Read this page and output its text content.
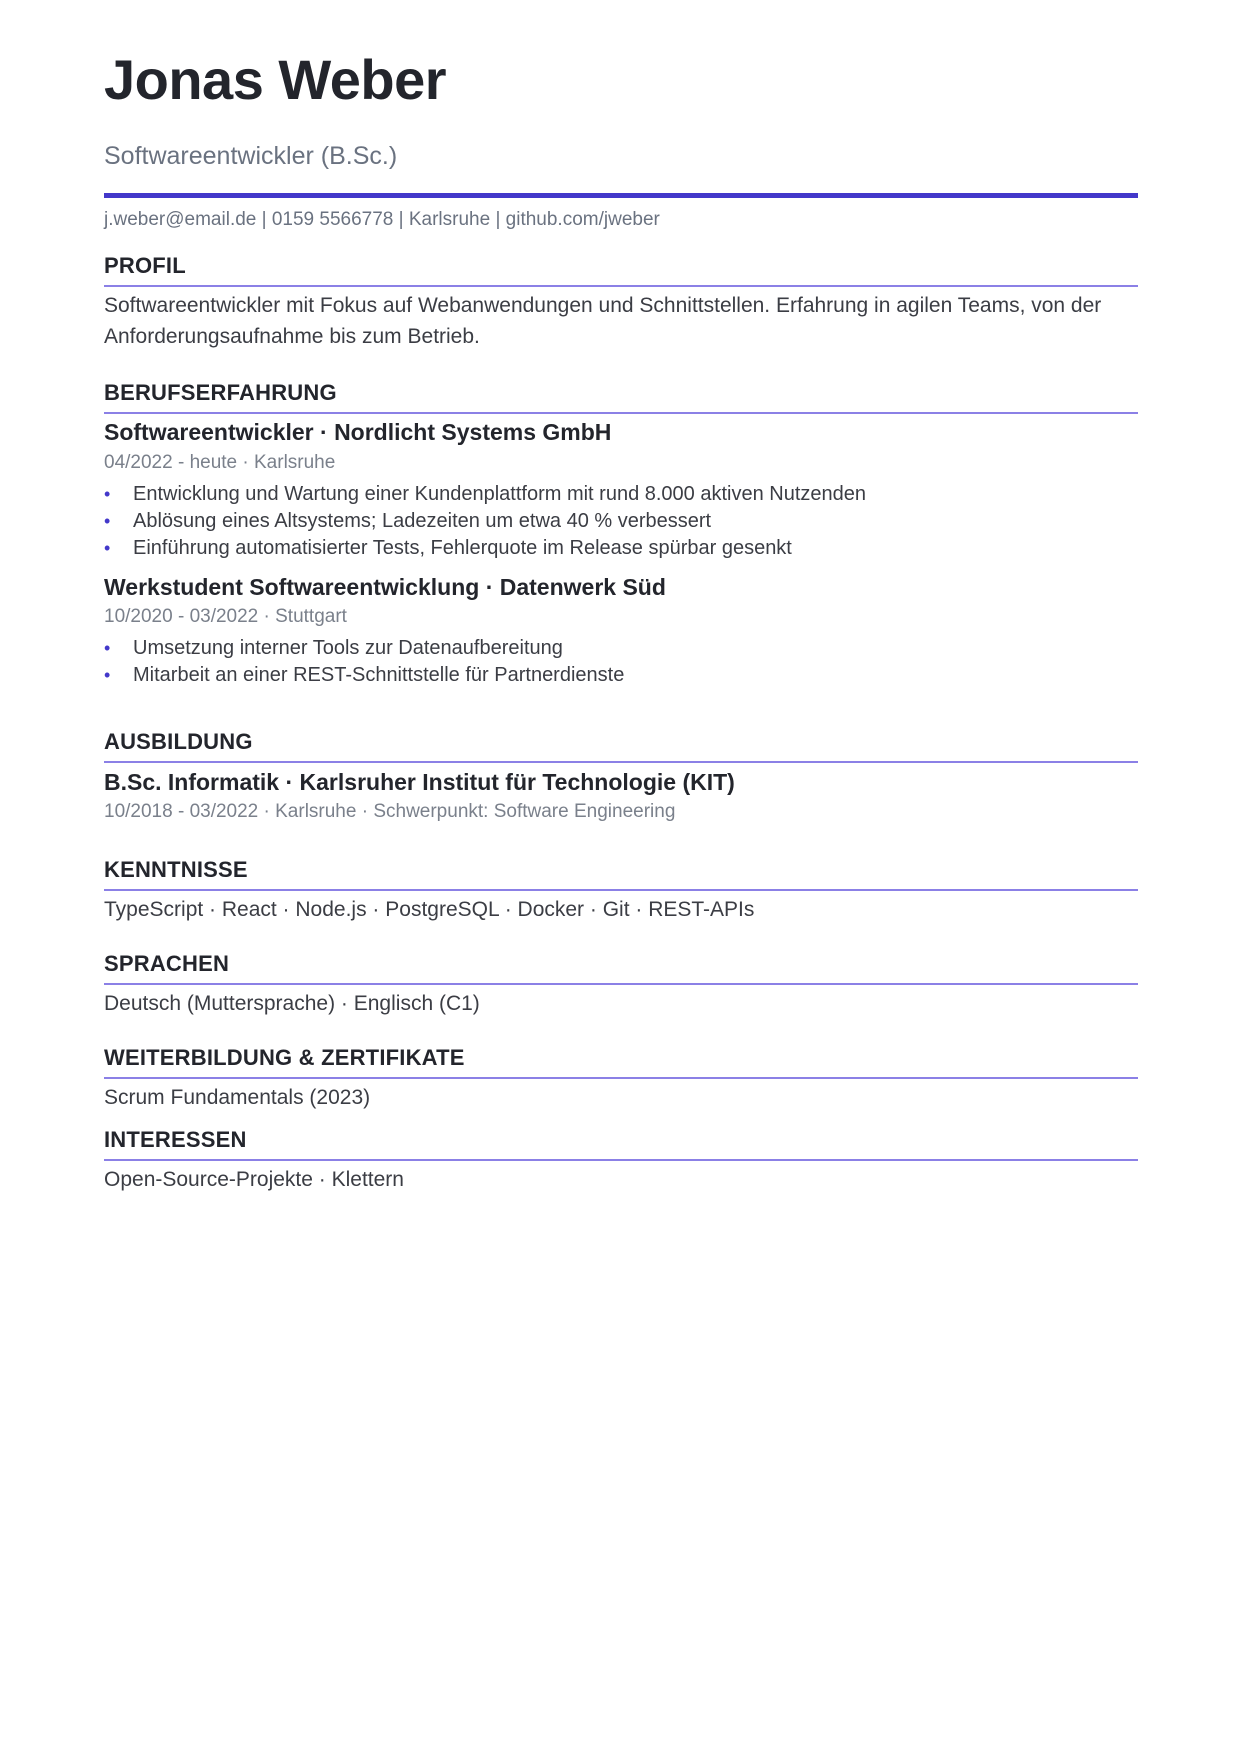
Jonas Weber
Softwareentwickler (B.Sc.)
j.weber@email.de | 0159 5566778 | Karlsruhe | github.com/jweber
PROFIL
Softwareentwickler mit Fokus auf Webanwendungen und Schnittstellen. Erfahrung in agilen Teams, von der Anforderungsaufnahme bis zum Betrieb.
BERUFSERFAHRUNG
Softwareentwickler · Nordlicht Systems GmbH
04/2022 - heute · Karlsruhe
• Entwicklung und Wartung einer Kundenplattform mit rund 8.000 aktiven Nutzenden
• Ablösung eines Altsystems; Ladezeiten um etwa 40 % verbessert
• Einführung automatisierter Tests, Fehlerquote im Release spürbar gesenkt
Werkstudent Softwareentwicklung · Datenwerk Süd
10/2020 - 03/2022 · Stuttgart
• Umsetzung interner Tools zur Datenaufbereitung
• Mitarbeit an einer REST-Schnittstelle für Partnerdienste
AUSBILDUNG
B.Sc. Informatik · Karlsruher Institut für Technologie (KIT)
10/2018 - 03/2022 · Karlsruhe · Schwerpunkt: Software Engineering
KENNTNISSE
TypeScript · React · Node.js · PostgreSQL · Docker · Git · REST-APIs
SPRACHEN
Deutsch (Muttersprache) · Englisch (C1)
WEITERBILDUNG & ZERTIFIKATE
Scrum Fundamentals (2023)
INTERESSEN
Open-Source-Projekte · Klettern
